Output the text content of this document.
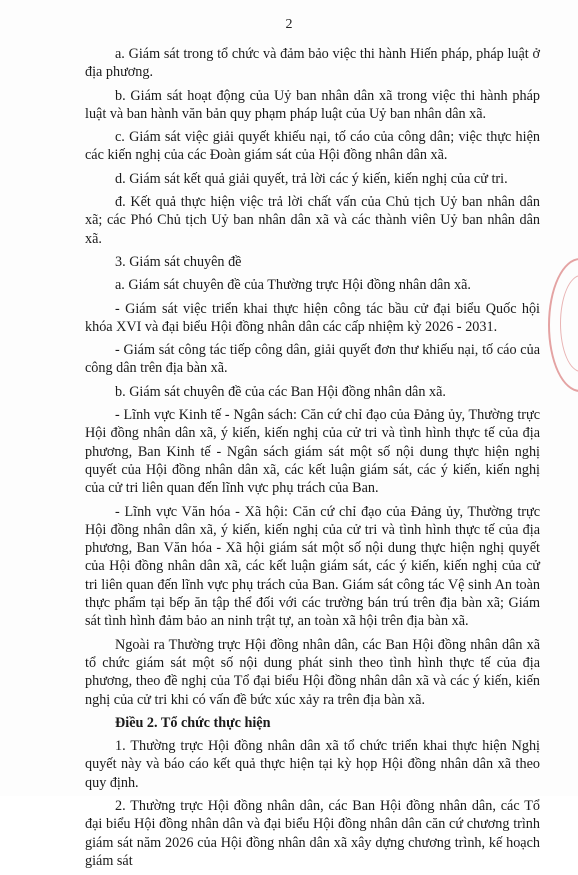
2

a. Giám sát trong tổ chức và đảm bảo việc thi hành Hiến pháp, pháp luật ở địa phương.

b. Giám sát hoạt động của Uỷ ban nhân dân xã trong việc thi hành pháp luật và ban hành văn bản quy phạm pháp luật của Uỷ ban nhân dân xã.

c. Giám sát việc giải quyết khiếu nại, tố cáo của công dân; việc thực hiện các kiến nghị của các Đoàn giám sát của Hội đồng nhân dân xã.

d. Giám sát kết quả giải quyết, trả lời các ý kiến, kiến nghị của cử tri.

đ. Kết quả thực hiện việc trả lời chất vấn của Chủ tịch Uỷ ban nhân dân xã; các Phó Chủ tịch Uỷ ban nhân dân xã và các thành viên Uỷ ban nhân dân xã.

3. Giám sát chuyên đề

a. Giám sát chuyên đề của Thường trực Hội đồng nhân dân xã.

- Giám sát việc triển khai thực hiện công tác bầu cử đại biểu Quốc hội khóa XVI và đại biểu Hội đồng nhân dân các cấp nhiệm kỳ 2026 - 2031.

- Giám sát công tác tiếp công dân, giải quyết đơn thư khiếu nại, tố cáo của công dân trên địa bàn xã.

b. Giám sát chuyên đề của các Ban Hội đồng nhân dân xã.

- Lĩnh vực Kinh tế - Ngân sách: Căn cứ chỉ đạo của Đảng ủy, Thường trực Hội đồng nhân dân xã, ý kiến, kiến nghị của cử tri và tình hình thực tế của địa phương, Ban Kinh tế - Ngân sách giám sát một số nội dung thực hiện nghị quyết của Hội đồng nhân dân xã, các kết luận giám sát, các ý kiến, kiến nghị của cử tri liên quan đến lĩnh vực phụ trách của Ban.

- Lĩnh vực Văn hóa - Xã hội: Căn cứ chỉ đạo của Đảng ủy, Thường trực Hội đồng nhân dân xã, ý kiến, kiến nghị của cử tri và tình hình thực tế của địa phương, Ban Văn hóa - Xã hội giám sát một số nội dung thực hiện nghị quyết của Hội đồng nhân dân xã, các kết luận giám sát, các ý kiến, kiến nghị của cử tri liên quan đến lĩnh vực phụ trách của Ban. Giám sát công tác Vệ sinh An toàn thực phẩm tại bếp ăn tập thể đối với các trường bán trú trên địa bàn xã; Giám sát tình hình đảm bảo an ninh trật tự, an toàn xã hội trên địa bàn xã.

Ngoài ra Thường trực Hội đồng nhân dân, các Ban Hội đồng nhân dân xã tổ chức giám sát một số nội dung phát sinh theo tình hình thực tế của địa phương, theo đề nghị của Tổ đại biểu Hội đồng nhân dân xã và các ý kiến, kiến nghị của cử tri khi có vấn đề bức xúc xảy ra trên địa bàn xã.

Điều 2. Tổ chức thực hiện

1. Thường trực Hội đồng nhân dân xã tổ chức triển khai thực hiện Nghị quyết này và báo cáo kết quả thực hiện tại kỳ họp Hội đồng nhân dân xã theo quy định.

2. Thường trực Hội đồng nhân dân, các Ban Hội đồng nhân dân, các Tổ đại biểu Hội đồng nhân dân và đại biểu Hội đồng nhân dân căn cứ chương trình giám sát năm 2026 của Hội đồng nhân dân xã xây dựng chương trình, kế hoạch giám sát
